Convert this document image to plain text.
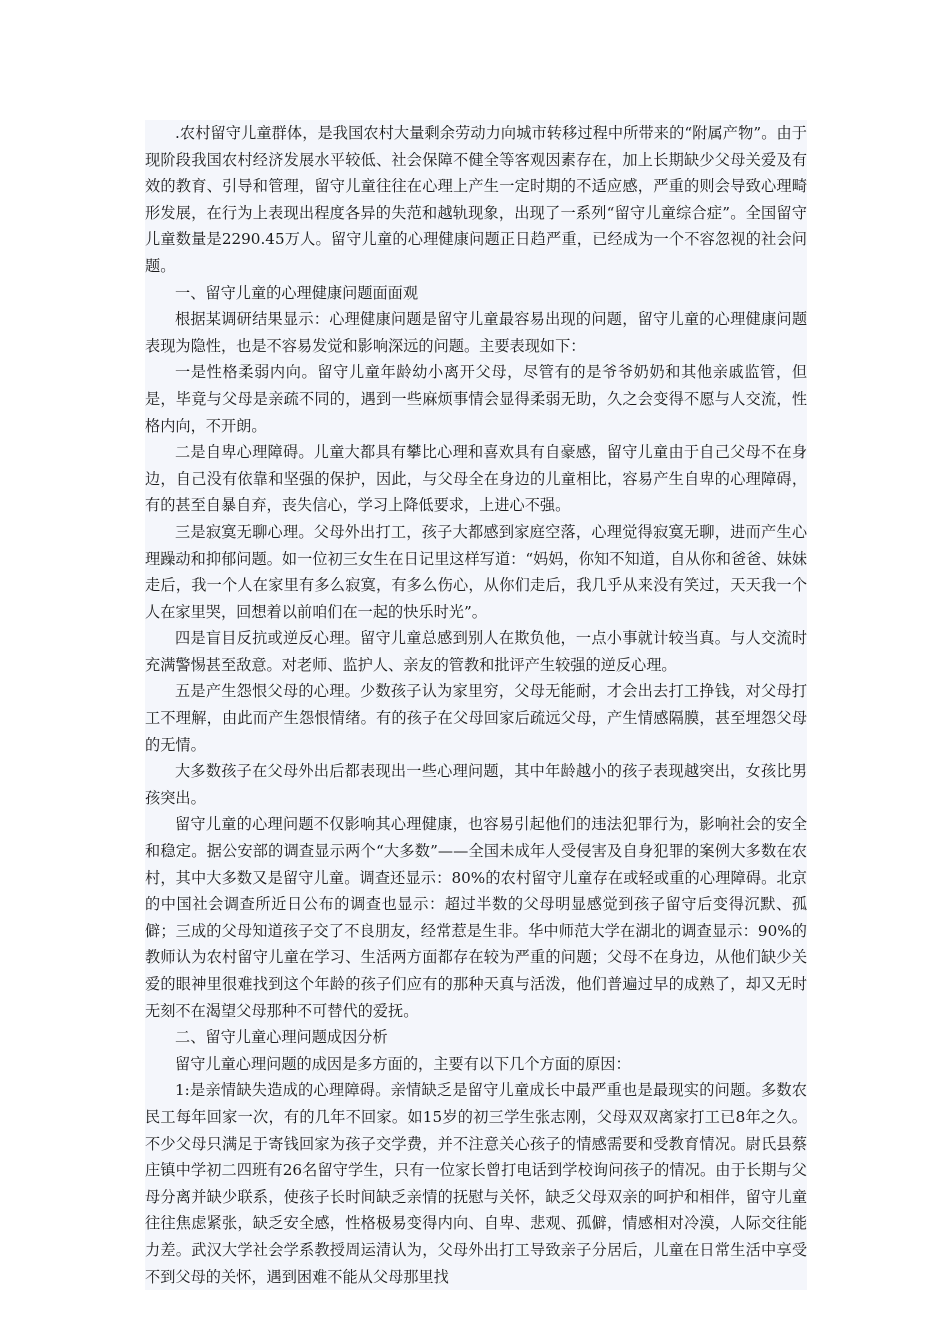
.农村留守儿童群体，是我国农村大量剩余劳动力向城市转移过程中所带来的“附属产物”。由于现阶段我国农村经济发展水平较低、社会保障不健全等客观因素存在，加上长期缺少父母关爱及有效的教育、引导和管理，留守儿童往往在心理上产生一定时期的不适应感，严重的则会导致心理畸形发展，在行为上表现出程度各异的失范和越轨现象，出现了一系列“留守儿童综合症”。全国留守儿童数量是2290.45万人。留守儿童的心理健康问题正日趋严重，已经成为一个不容忽视的社会问题。

一、留守儿童的心理健康问题面面观

根据某调研结果显示：心理健康问题是留守儿童最容易出现的问题，留守儿童的心理健康问题表现为隐性，也是不容易发觉和影响深远的问题。主要表现如下：

一是性格柔弱内向。留守儿童年龄幼小离开父母，尽管有的是爷爷奶奶和其他亲戚监管，但是，毕竟与父母是亲疏不同的，遇到一些麻烦事情会显得柔弱无助，久之会变得不愿与人交流，性格内向，不开朗。

二是自卑心理障碍。儿童大都具有攀比心理和喜欢具有自豪感，留守儿童由于自己父母不在身边，自己没有依靠和坚强的保护，因此，与父母全在身边的儿童相比，容易产生自卑的心理障碍，有的甚至自暴自弃，丧失信心，学习上降低要求，上进心不强。

三是寂寞无聊心理。父母外出打工，孩子大都感到家庭空落，心理觉得寂寞无聊，进而产生心理躁动和抑郁问题。如一位初三女生在日记里这样写道：“妈妈，你知不知道，自从你和爸爸、妹妹走后，我一个人在家里有多么寂寞，有多么伤心，从你们走后，我几乎从来没有笑过，天天我一个人在家里哭，回想着以前咱们在一起的快乐时光”。

四是盲目反抗或逆反心理。留守儿童总感到别人在欺负他，一点小事就计较当真。与人交流时充满警惕甚至敌意。对老师、监护人、亲友的管教和批评产生较强的逆反心理。

五是产生怨恨父母的心理。少数孩子认为家里穷，父母无能耐，才会出去打工挣钱，对父母打工不理解，由此而产生怨恨情绪。有的孩子在父母回家后疏远父母，产生情感隔膜，甚至埋怨父母的无情。

大多数孩子在父母外出后都表现出一些心理问题，其中年龄越小的孩子表现越突出，女孩比男孩突出。

留守儿童的心理问题不仅影响其心理健康，也容易引起他们的违法犯罪行为，影响社会的安全和稳定。据公安部的调查显示两个“大多数”——全国未成年人受侵害及自身犯罪的案例大多数在农村，其中大多数又是留守儿童。调查还显示：80%的农村留守儿童存在或轻或重的心理障碍。北京的中国社会调查所近日公布的调查也显示：超过半数的父母明显感觉到孩子留守后变得沉默、孤僻；三成的父母知道孩子交了不良朋友，经常惹是生非。华中师范大学在湖北的调查显示：90%的教师认为农村留守儿童在学习、生活两方面都存在较为严重的问题；父母不在身边，从他们缺少关爱的眼神里很难找到这个年龄的孩子们应有的那种天真与活泼，他们普遍过早的成熟了，却又无时无刻不在渴望父母那种不可替代的爱抚。

二、留守儿童心理问题成因分析

留守儿童心理问题的成因是多方面的，主要有以下几个方面的原因：

1:是亲情缺失造成的心理障碍。亲情缺乏是留守儿童成长中最严重也是最现实的问题。多数农民工每年回家一次，有的几年不回家。如15岁的初三学生张志刚，父母双双离家打工已8年之久。不少父母只满足于寄钱回家为孩子交学费，并不注意关心孩子的情感需要和受教育情况。尉氏县蔡庄镇中学初二四班有26名留守学生，只有一位家长曾打电话到学校询问孩子的情况。由于长期与父母分离并缺少联系，使孩子长时间缺乏亲情的抚慰与关怀，缺乏父母双亲的呵护和相伴，留守儿童往往焦虑紧张，缺乏安全感，性格极易变得内向、自卑、悲观、孤僻，情感相对冷漠，人际交往能力差。武汉大学社会学系教授周运清认为，父母外出打工导致亲子分居后，儿童在日常生活中享受不到父母的关怀，遇到困难不能从父母那里找
